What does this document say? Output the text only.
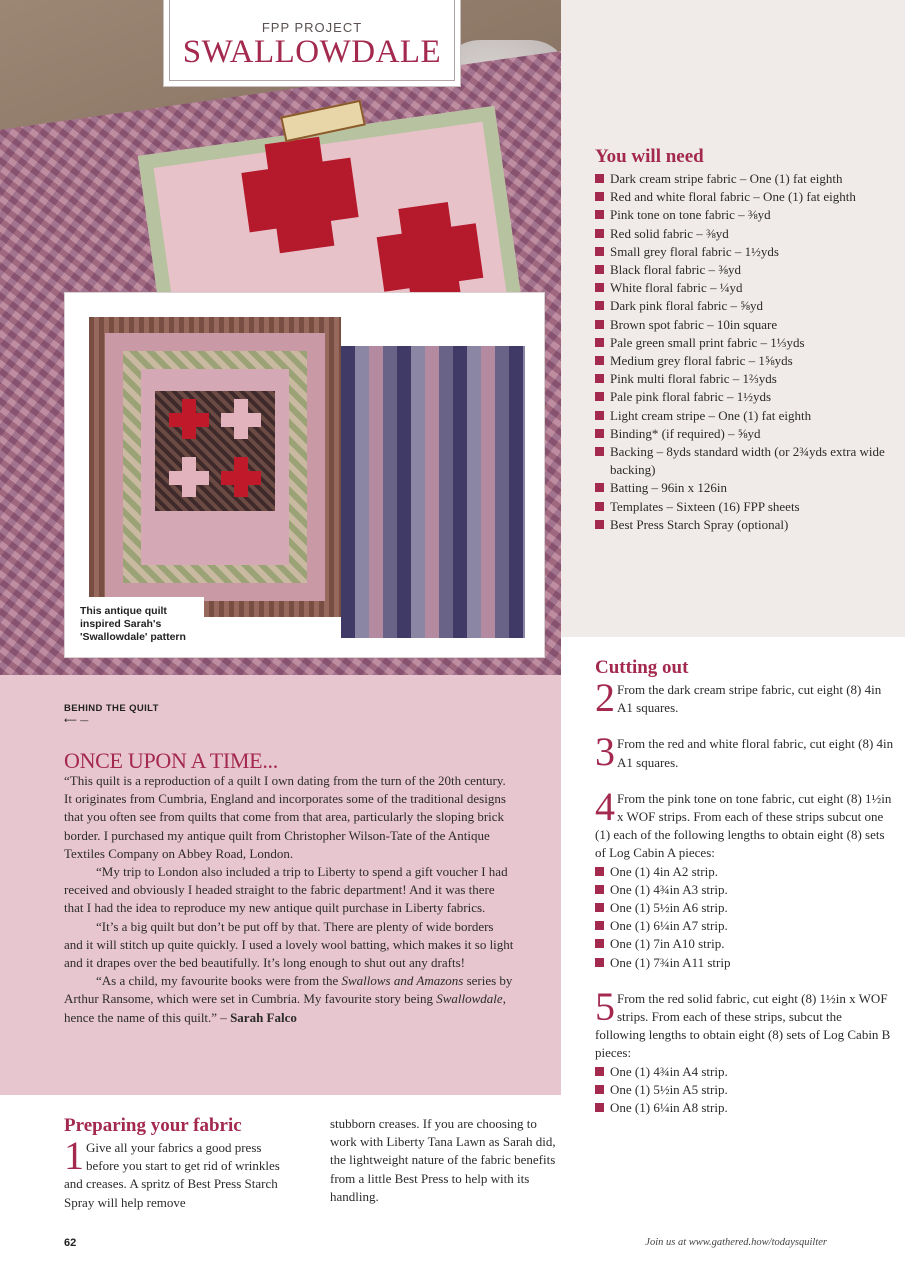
FPP PROJECT
SWALLOWDALE
This antique quilt inspired Sarah's 'Swallowdale' pattern
You will need
Dark cream stripe fabric – One (1) fat eighth
Red and white floral fabric – One (1) fat eighth
Pink tone on tone fabric – ⅜yd
Red solid fabric – ⅜yd
Small grey floral fabric – 1½yds
Black floral fabric – ⅜yd
White floral fabric – ¼yd
Dark pink floral fabric – ⅝yd
Brown spot fabric – 10in square
Pale green small print fabric – 1⅓yds
Medium grey floral fabric – 1⅝yds
Pink multi floral fabric – 1⅔yds
Pale pink floral fabric – 1½yds
Light cream stripe – One (1) fat eighth
Binding* (if required) – ⅝yd
Backing – 8yds standard width (or 2¾yds extra wide backing)
Batting – 96in x 126in
Templates – Sixteen (16) FPP sheets
Best Press Starch Spray (optional)
Cutting out
2 From the dark cream stripe fabric, cut eight (8) 4in A1 squares.
3 From the red and white floral fabric, cut eight (8) 4in A1 squares.
4 From the pink tone on tone fabric, cut eight (8) 1½in x WOF strips. From each of these strips subcut one (1) each of the following lengths to obtain eight (8) sets of Log Cabin A pieces:
One (1) 4in A2 strip.
One (1) 4¾in A3 strip.
One (1) 5½in A6 strip.
One (1) 6¼in A7 strip.
One (1) 7in A10 strip.
One (1) 7¾in A11 strip
5 From the red solid fabric, cut eight (8) 1½in x WOF strips. From each of these strips, subcut the following lengths to obtain eight (8) sets of Log Cabin B pieces:
One (1) 4¾in A4 strip.
One (1) 5½in A5 strip.
One (1) 6¼in A8 strip.
BEHIND THE QUILT
⟵ —
ONCE UPON A TIME...

“This quilt is a reproduction of a quilt I own dating from the turn of the 20th century. It originates from Cumbria, England and incorporates some of the traditional designs that you often see from quilts that come from that area, particularly the sloping brick border. I purchased my antique quilt from Christopher Wilson-Tate of the Antique Textiles Company on Abbey Road, London.

“My trip to London also included a trip to Liberty to spend a gift voucher I had received and obviously I headed straight to the fabric department! And it was there that I had the idea to reproduce my new antique quilt purchase in Liberty fabrics.

“It’s a big quilt but don’t be put off by that. There are plenty of wide borders and it will stitch up quite quickly. I used a lovely wool batting, which makes it so light and it drapes over the bed beautifully. It’s long enough to shut out any drafts!

“As a child, my favourite books were from the Swallows and Amazons series by Arthur Ransome, which were set in Cumbria. My favourite story being Swallowdale, hence the name of this quilt.” – Sarah Falco

Preparing your fabric
1 Give all your fabrics a good press before you start to get rid of wrinkles and creases. A spritz of Best Press Starch Spray will help remove
stubborn creases. If you are choosing to work with Liberty Tana Lawn as Sarah did, the lightweight nature of the fabric benefits from a little Best Press to help with its handling.
62	Join us at www.gathered.how/todaysquilter
